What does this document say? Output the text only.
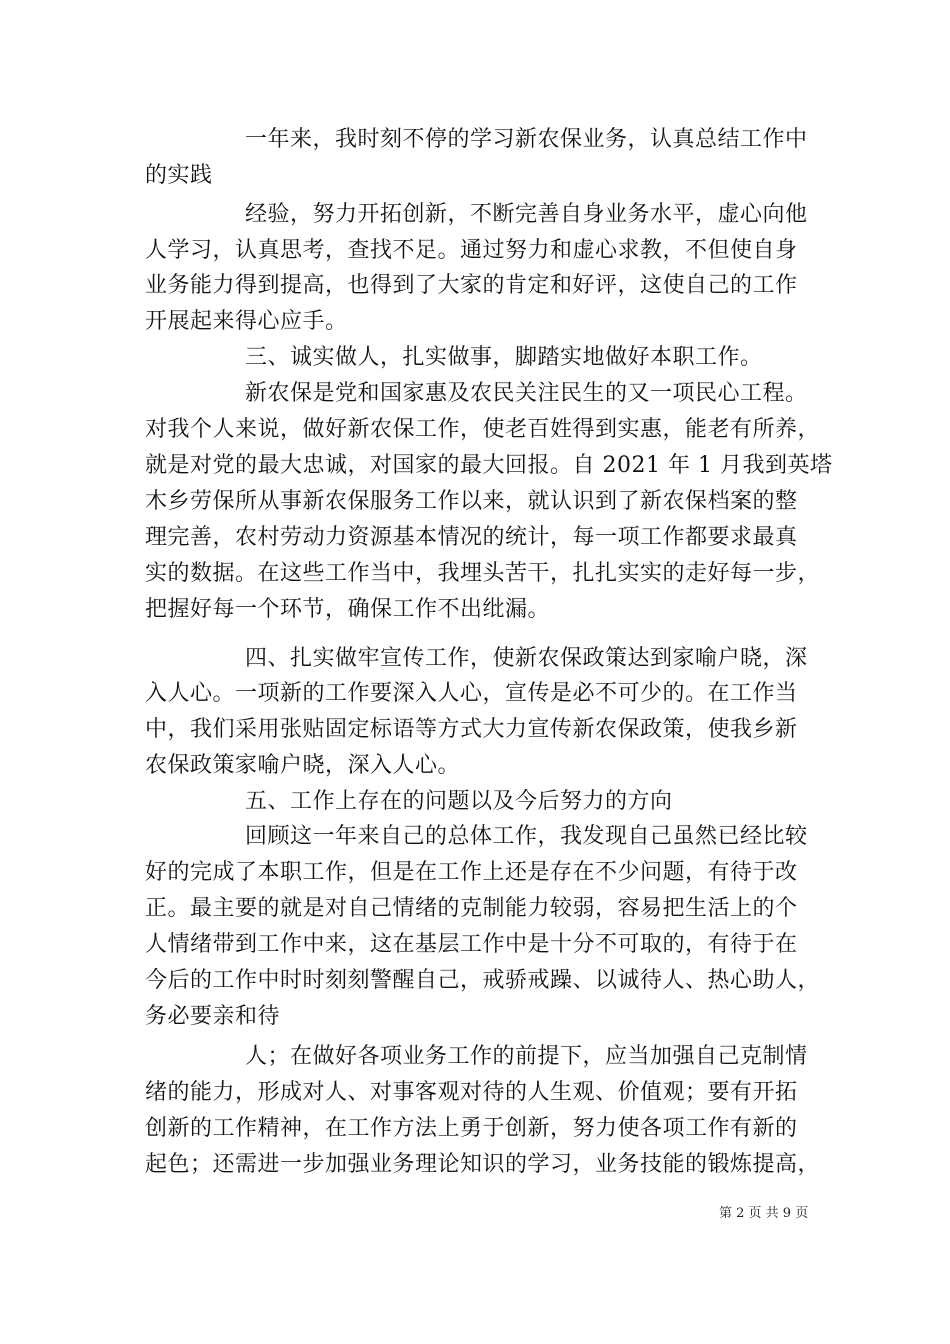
一年来，我时刻不停的学习新农保业务，认真总结工作中
的实践
经验，努力开拓创新，不断完善自身业务水平，虚心向他
人学习，认真思考，查找不足。通过努力和虚心求教，不但使自身
业务能力得到提高，也得到了大家的肯定和好评，这使自己的工作
开展起来得心应手。
三、诚实做人，扎实做事，脚踏实地做好本职工作。
新农保是党和国家惠及农民关注民生的又一项民心工程。
对我个人来说，做好新农保工作，使老百姓得到实惠，能老有所养，
就是对党的最大忠诚，对国家的最大回报。自 2021 年 1 月我到英塔
木乡劳保所从事新农保服务工作以来，就认识到了新农保档案的整
理完善，农村劳动力资源基本情况的统计，每一项工作都要求最真
实的数据。在这些工作当中，我埋头苦干，扎扎实实的走好每一步，
把握好每一个环节，确保工作不出纰漏。
四、扎实做牢宣传工作，使新农保政策达到家喻户晓，深
入人心。一项新的工作要深入人心，宣传是必不可少的。在工作当
中，我们采用张贴固定标语等方式大力宣传新农保政策，使我乡新
农保政策家喻户晓，深入人心。
五、工作上存在的问题以及今后努力的方向
回顾这一年来自己的总体工作，我发现自己虽然已经比较
好的完成了本职工作，但是在工作上还是存在不少问题，有待于改
正。最主要的就是对自己情绪的克制能力较弱，容易把生活上的个
人情绪带到工作中来，这在基层工作中是十分不可取的，有待于在
今后的工作中时时刻刻警醒自己，戒骄戒躁、以诚待人、热心助人，
务必要亲和待
人；在做好各项业务工作的前提下，应当加强自己克制情
绪的能力，形成对人、对事客观对待的人生观、价值观；要有开拓
创新的工作精神，在工作方法上勇于创新，努力使各项工作有新的
起色；还需进一步加强业务理论知识的学习，业务技能的锻炼提高，
第 2 页 共 9 页
